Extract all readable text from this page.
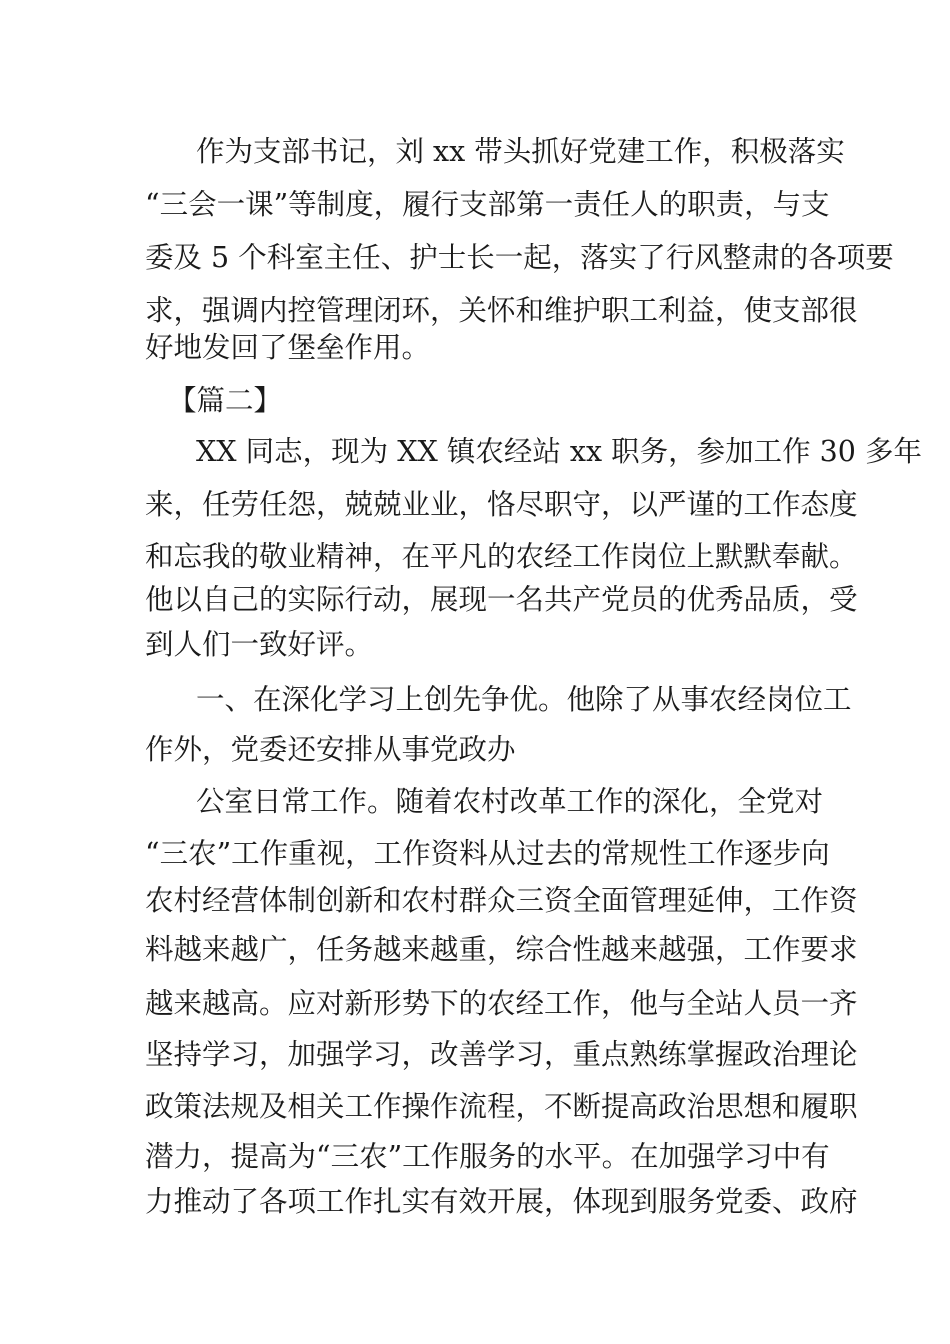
作为支部书记，刘 xx 带头抓好党建工作，积极落实
“三会一课”等制度，履行支部第一责任人的职责，与支
委及 5 个科室主任、护士长一起，落实了行风整肃的各项要
求，强调内控管理闭环，关怀和维护职工利益，使支部很
好地发回了堡垒作用。
【篇二】
XX 同志，现为 XX 镇农经站 xx 职务，参加工作 30 多年
来，任劳任怨，兢兢业业，恪尽职守，以严谨的工作态度
和忘我的敬业精神，在平凡的农经工作岗位上默默奉献。
他以自己的实际行动，展现一名共产党员的优秀品质，受
到人们一致好评。
一、在深化学习上创先争优。他除了从事农经岗位工
作外，党委还安排从事党政办
公室日常工作。随着农村改革工作的深化，全党对
“三农”工作重视，工作资料从过去的常规性工作逐步向
农村经营体制创新和农村群众三资全面管理延伸，工作资
料越来越广，任务越来越重，综合性越来越强，工作要求
越来越高。应对新形势下的农经工作，他与全站人员一齐
坚持学习，加强学习，改善学习，重点熟练掌握政治理论
政策法规及相关工作操作流程，不断提高政治思想和履职
潜力，提高为“三农”工作服务的水平。在加强学习中有
力推动了各项工作扎实有效开展，体现到服务党委、政府
